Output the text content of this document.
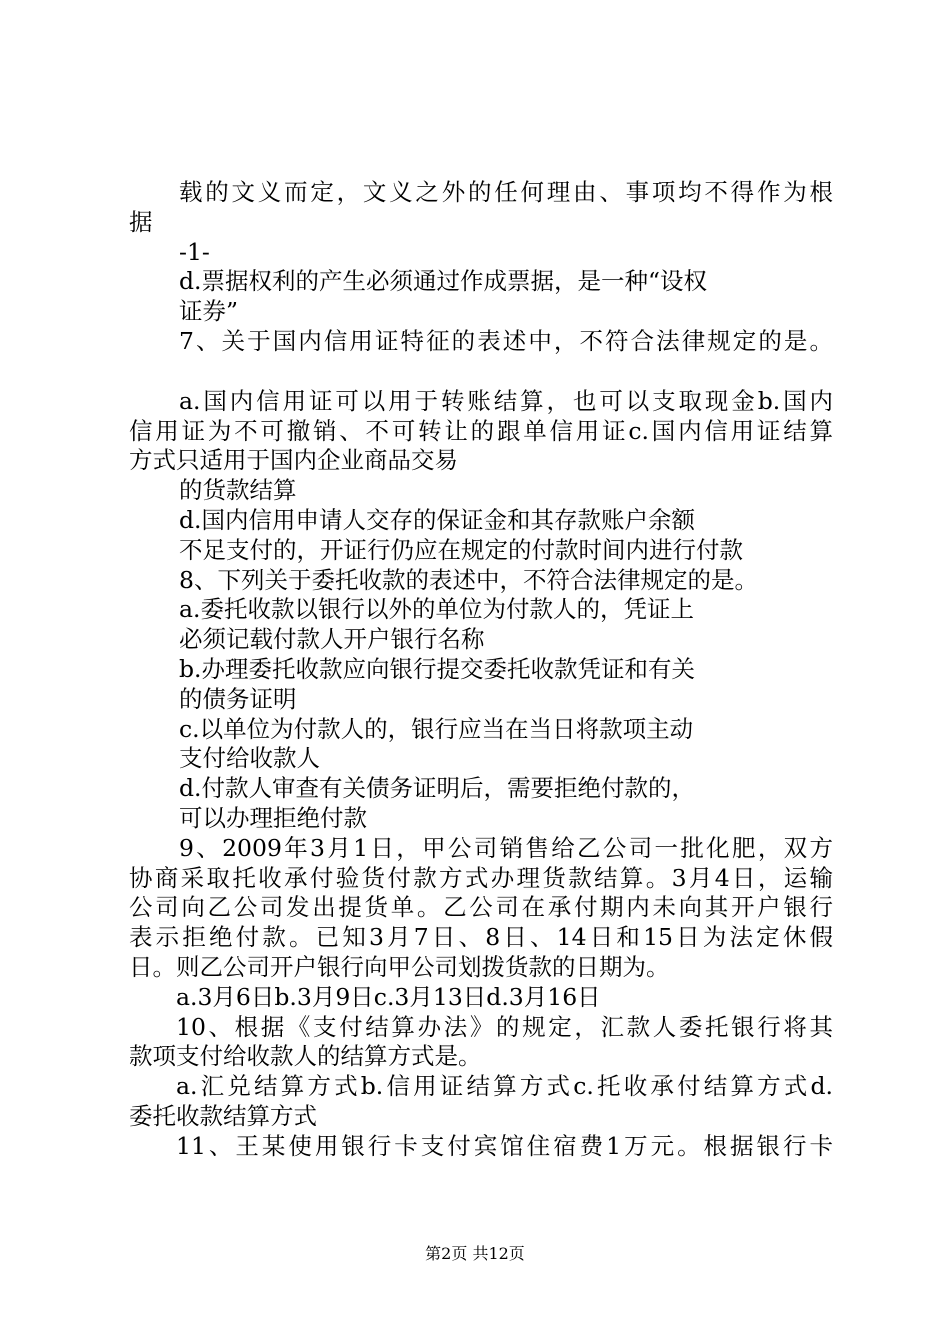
载的文义而定，文义之外的任何理由、事项均不得作为根
据
-1-
d.票据权利的产生必须通过作成票据，是一种“设权
证券”
7、关于国内信用证特征的表述中，不符合法律规定的是。
a.国内信用证可以用于转账结算，也可以支取现金b.国内
信用证为不可撤销、不可转让的跟单信用证c.国内信用证结算
方式只适用于国内企业商品交易
的货款结算
d.国内信用申请人交存的保证金和其存款账户余额
不足支付的，开证行仍应在规定的付款时间内进行付款
8、下列关于委托收款的表述中，不符合法律规定的是。
a.委托收款以银行以外的单位为付款人的，凭证上
必须记载付款人开户银行名称
b.办理委托收款应向银行提交委托收款凭证和有关
的债务证明
c.以单位为付款人的，银行应当在当日将款项主动
支付给收款人
d.付款人审查有关债务证明后，需要拒绝付款的，
可以办理拒绝付款
9、2009年3月1日，甲公司销售给乙公司一批化肥，双方
协商采取托收承付验货付款方式办理货款结算。3月4日，运输
公司向乙公司发出提货单。乙公司在承付期内未向其开户银行
表示拒绝付款。已知3月7日、8日、14日和15日为法定休假
日。则乙公司开户银行向甲公司划拨货款的日期为。
a.3月6日b.3月9日c.3月13日d.3月16日
10、根据《支付结算办法》的规定，汇款人委托银行将其
款项支付给收款人的结算方式是。
a.汇兑结算方式b.信用证结算方式c.托收承付结算方式d.
委托收款结算方式
11、王某使用银行卡支付宾馆住宿费1万元。根据银行卡
第2页 共12页
